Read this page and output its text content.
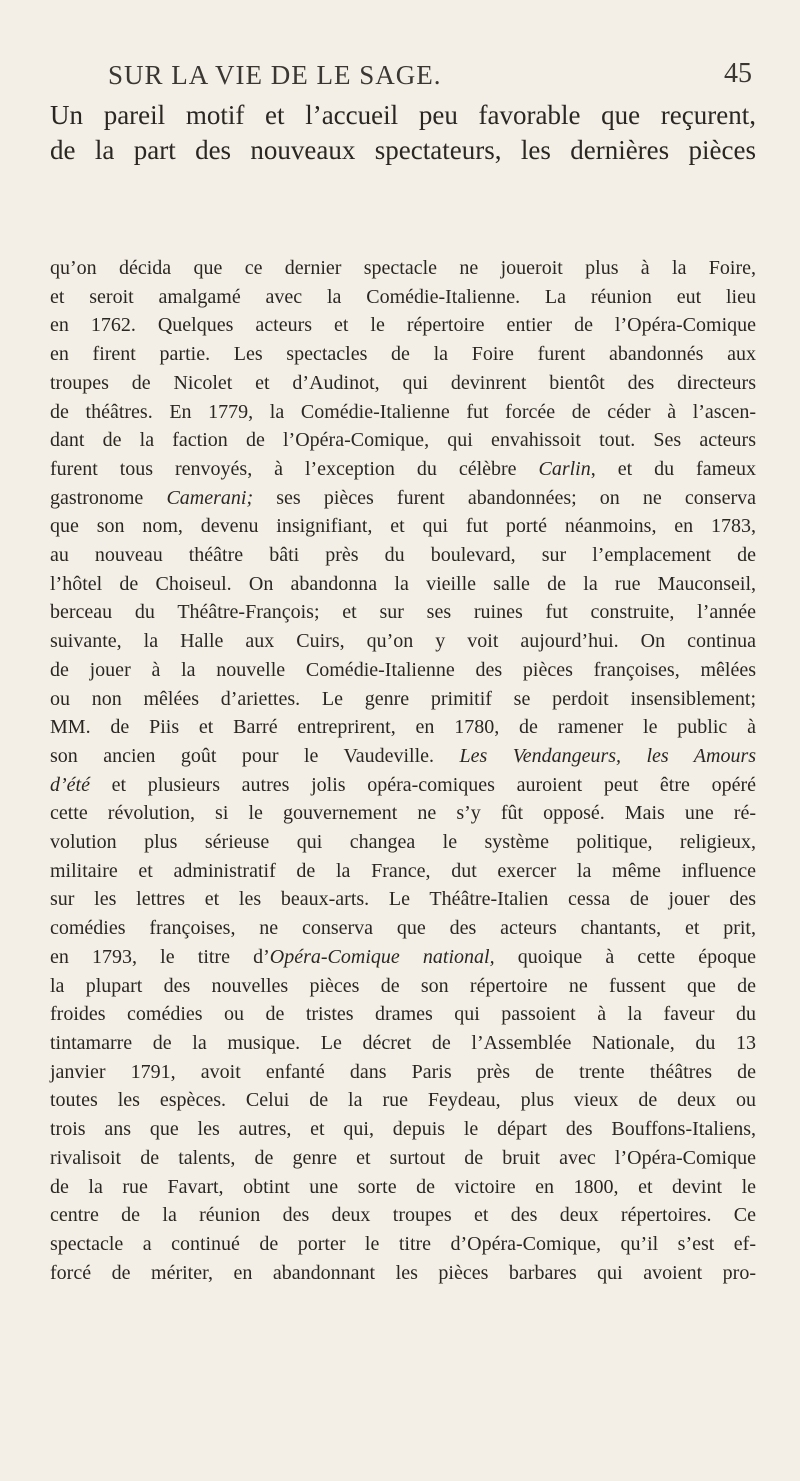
SUR LA VIE DE LE SAGE.	45
Un pareil motif et l’accueil peu favorable que reçurent,
de la part des nouveaux spectateurs, les dernières pièces
qu’on décida que ce dernier spectacle ne joueroit plus à la Foire,
et seroit amalgamé avec la Comédie-Italienne. La réunion eut lieu
en 1762. Quelques acteurs et le répertoire entier de l’Opéra-Comique
en firent partie. Les spectacles de la Foire furent abandonnés aux
troupes de Nicolet et d’Audinot, qui devinrent bientôt des directeurs
de théâtres. En 1779, la Comédie-Italienne fut forcée de céder à l’ascen-
dant de la faction de l’Opéra-Comique, qui envahissoit tout. Ses acteurs
furent tous renvoyés, à l’exception du célèbre Carlin, et du fameux
gastronome Camerani; ses pièces furent abandonnées; on ne conserva
que son nom, devenu insignifiant, et qui fut porté néanmoins, en 1783,
au nouveau théâtre bâti près du boulevard, sur l’emplacement de
l’hôtel de Choiseul. On abandonna la vieille salle de la rue Mauconseil,
berceau du Théâtre-François; et sur ses ruines fut construite, l’année
suivante, la Halle aux Cuirs, qu’on y voit aujourd’hui. On continua
de jouer à la nouvelle Comédie-Italienne des pièces françoises, mêlées
ou non mêlées d’ariettes. Le genre primitif se perdoit insensiblement;
MM. de Piis et Barré entreprirent, en 1780, de ramener le public à
son ancien goût pour le Vaudeville. Les Vendangeurs, les Amours
d’été et plusieurs autres jolis opéra-comiques auroient peut être opéré
cette révolution, si le gouvernement ne s’y fût opposé. Mais une ré-
volution plus sérieuse qui changea le système politique, religieux,
militaire et administratif de la France, dut exercer la même influence
sur les lettres et les beaux-arts. Le Théâtre-Italien cessa de jouer des
comédies françoises, ne conserva que des acteurs chantants, et prit,
en 1793, le titre d’Opéra-Comique national, quoique à cette époque
la plupart des nouvelles pièces de son répertoire ne fussent que de
froides comédies ou de tristes drames qui passoient à la faveur du
tintamarre de la musique. Le décret de l’Assemblée Nationale, du 13
janvier 1791, avoit enfanté dans Paris près de trente théâtres de
toutes les espèces. Celui de la rue Feydeau, plus vieux de deux ou
trois ans que les autres, et qui, depuis le départ des Bouffons-Italiens,
rivalisoit de talents, de genre et surtout de bruit avec l’Opéra-Comique
de la rue Favart, obtint une sorte de victoire en 1800, et devint le
centre de la réunion des deux troupes et des deux répertoires. Ce
spectacle a continué de porter le titre d’Opéra-Comique, qu’il s’est ef-
forcé de mériter, en abandonnant les pièces barbares qui avoient pro-
